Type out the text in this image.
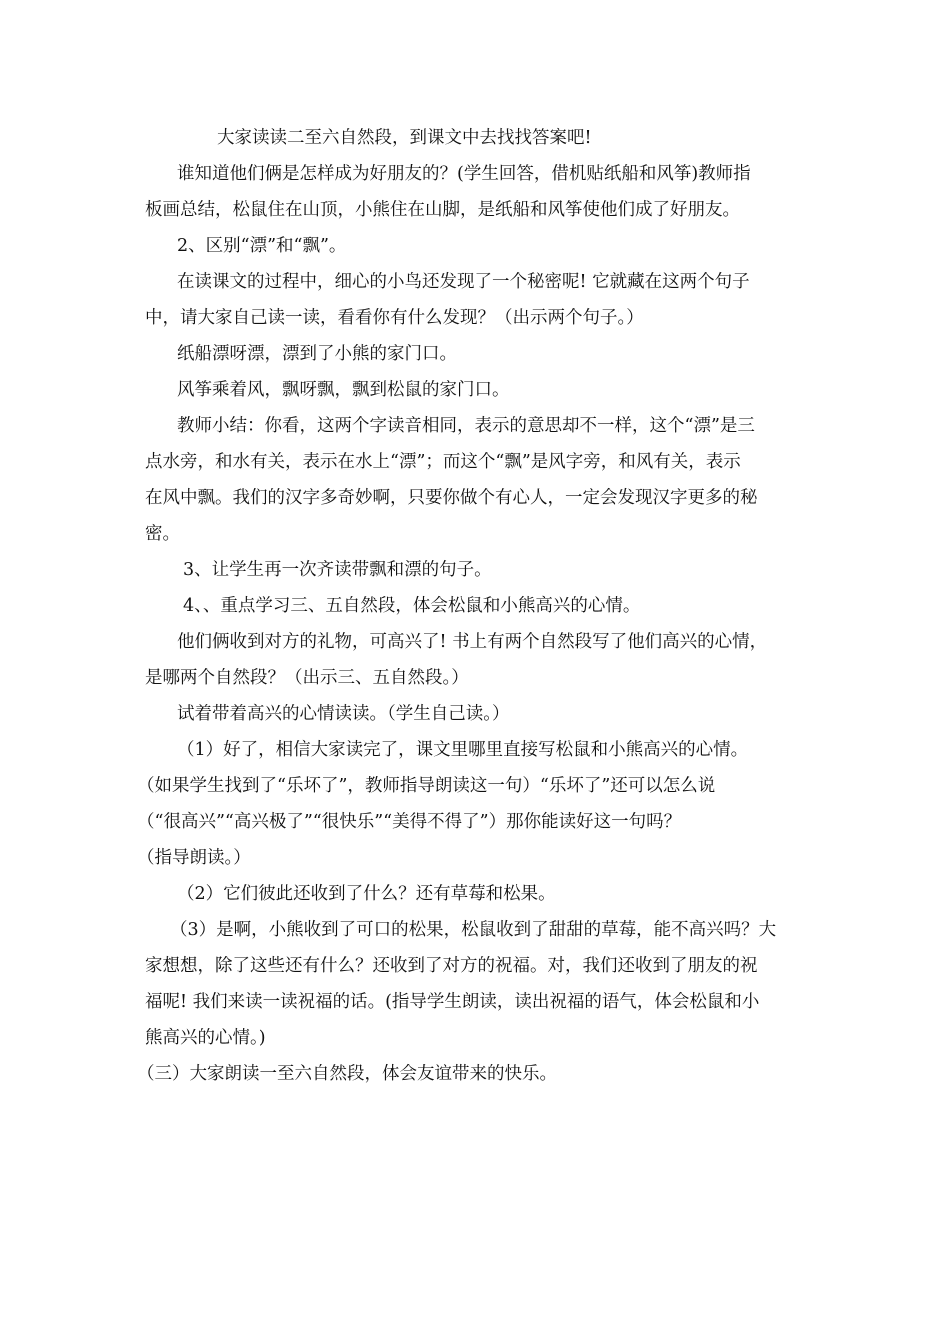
大家读读二至六自然段，到课文中去找找答案吧!
谁知道他们俩是怎样成为好朋友的？(学生回答，借机贴纸船和风筝)教师指
板画总结，松鼠住在山顶，小熊住在山脚，是纸船和风筝使他们成了好朋友。
2、区别“漂”和“飘”。
在读课文的过程中，细心的小鸟还发现了一个秘密呢! 它就藏在这两个句子
中，请大家自己读一读，看看你有什么发现？（出示两个句子。）
纸船漂呀漂，漂到了小熊的家门口。
风筝乘着风，飘呀飘，飘到松鼠的家门口。
教师小结：你看，这两个字读音相同，表示的意思却不一样，这个“漂”是三
点水旁，和水有关，表示在水上“漂”；而这个“飘”是风字旁，和风有关，表示
在风中飘。我们的汉字多奇妙啊，只要你做个有心人，一定会发现汉字更多的秘
密。
3、让学生再一次齐读带飘和漂的句子。
4、、重点学习三、五自然段，体会松鼠和小熊高兴的心情。
他们俩收到对方的礼物，可高兴了! 书上有两个自然段写了他们高兴的心情，
是哪两个自然段？（出示三、五自然段。）
试着带着高兴的心情读读。（学生自己读。）
（1）好了，相信大家读完了，课文里哪里直接写松鼠和小熊高兴的心情。
（如果学生找到了“乐坏了”，教师指导朗读这一句）“乐坏了”还可以怎么说
（“很高兴”“高兴极了”“很快乐”“美得不得了”）那你能读好这一句吗？
（指导朗读。）
（2）它们彼此还收到了什么？还有草莓和松果。
（3）是啊，小熊收到了可口的松果，松鼠收到了甜甜的草莓，能不高兴吗？大
家想想，除了这些还有什么？还收到了对方的祝福。对，我们还收到了朋友的祝
福呢! 我们来读一读祝福的话。(指导学生朗读，读出祝福的语气，体会松鼠和小
熊高兴的心情。)
（三）大家朗读一至六自然段，体会友谊带来的快乐。
